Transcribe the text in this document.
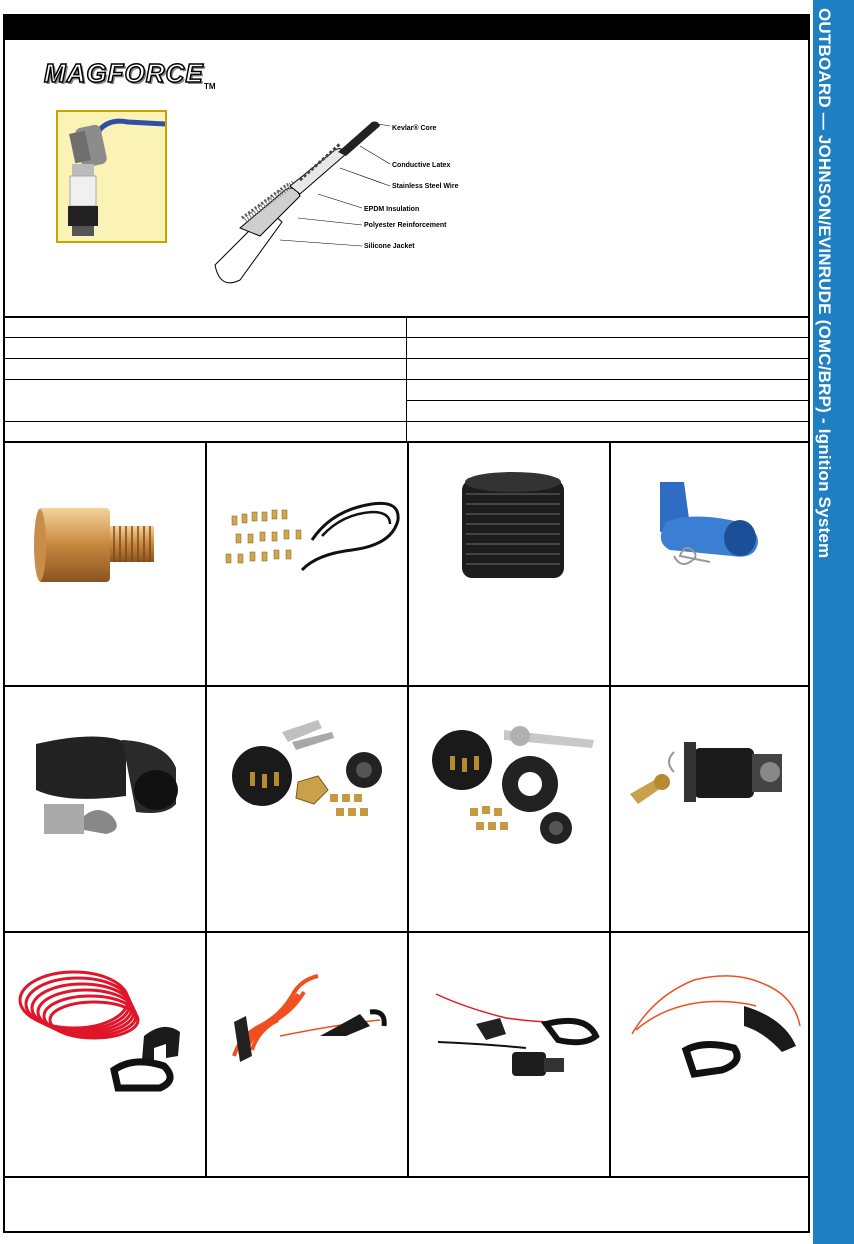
OUTBOARD — JOHNSON/EVINRUDE (OMC/BRP) - Ignition System
MAGFORCE TM
Kevlar® Core
Conductive Latex
Stainless Steel Wire
EPDM Insulation
Polyester Reinforcement
Silicone Jacket
